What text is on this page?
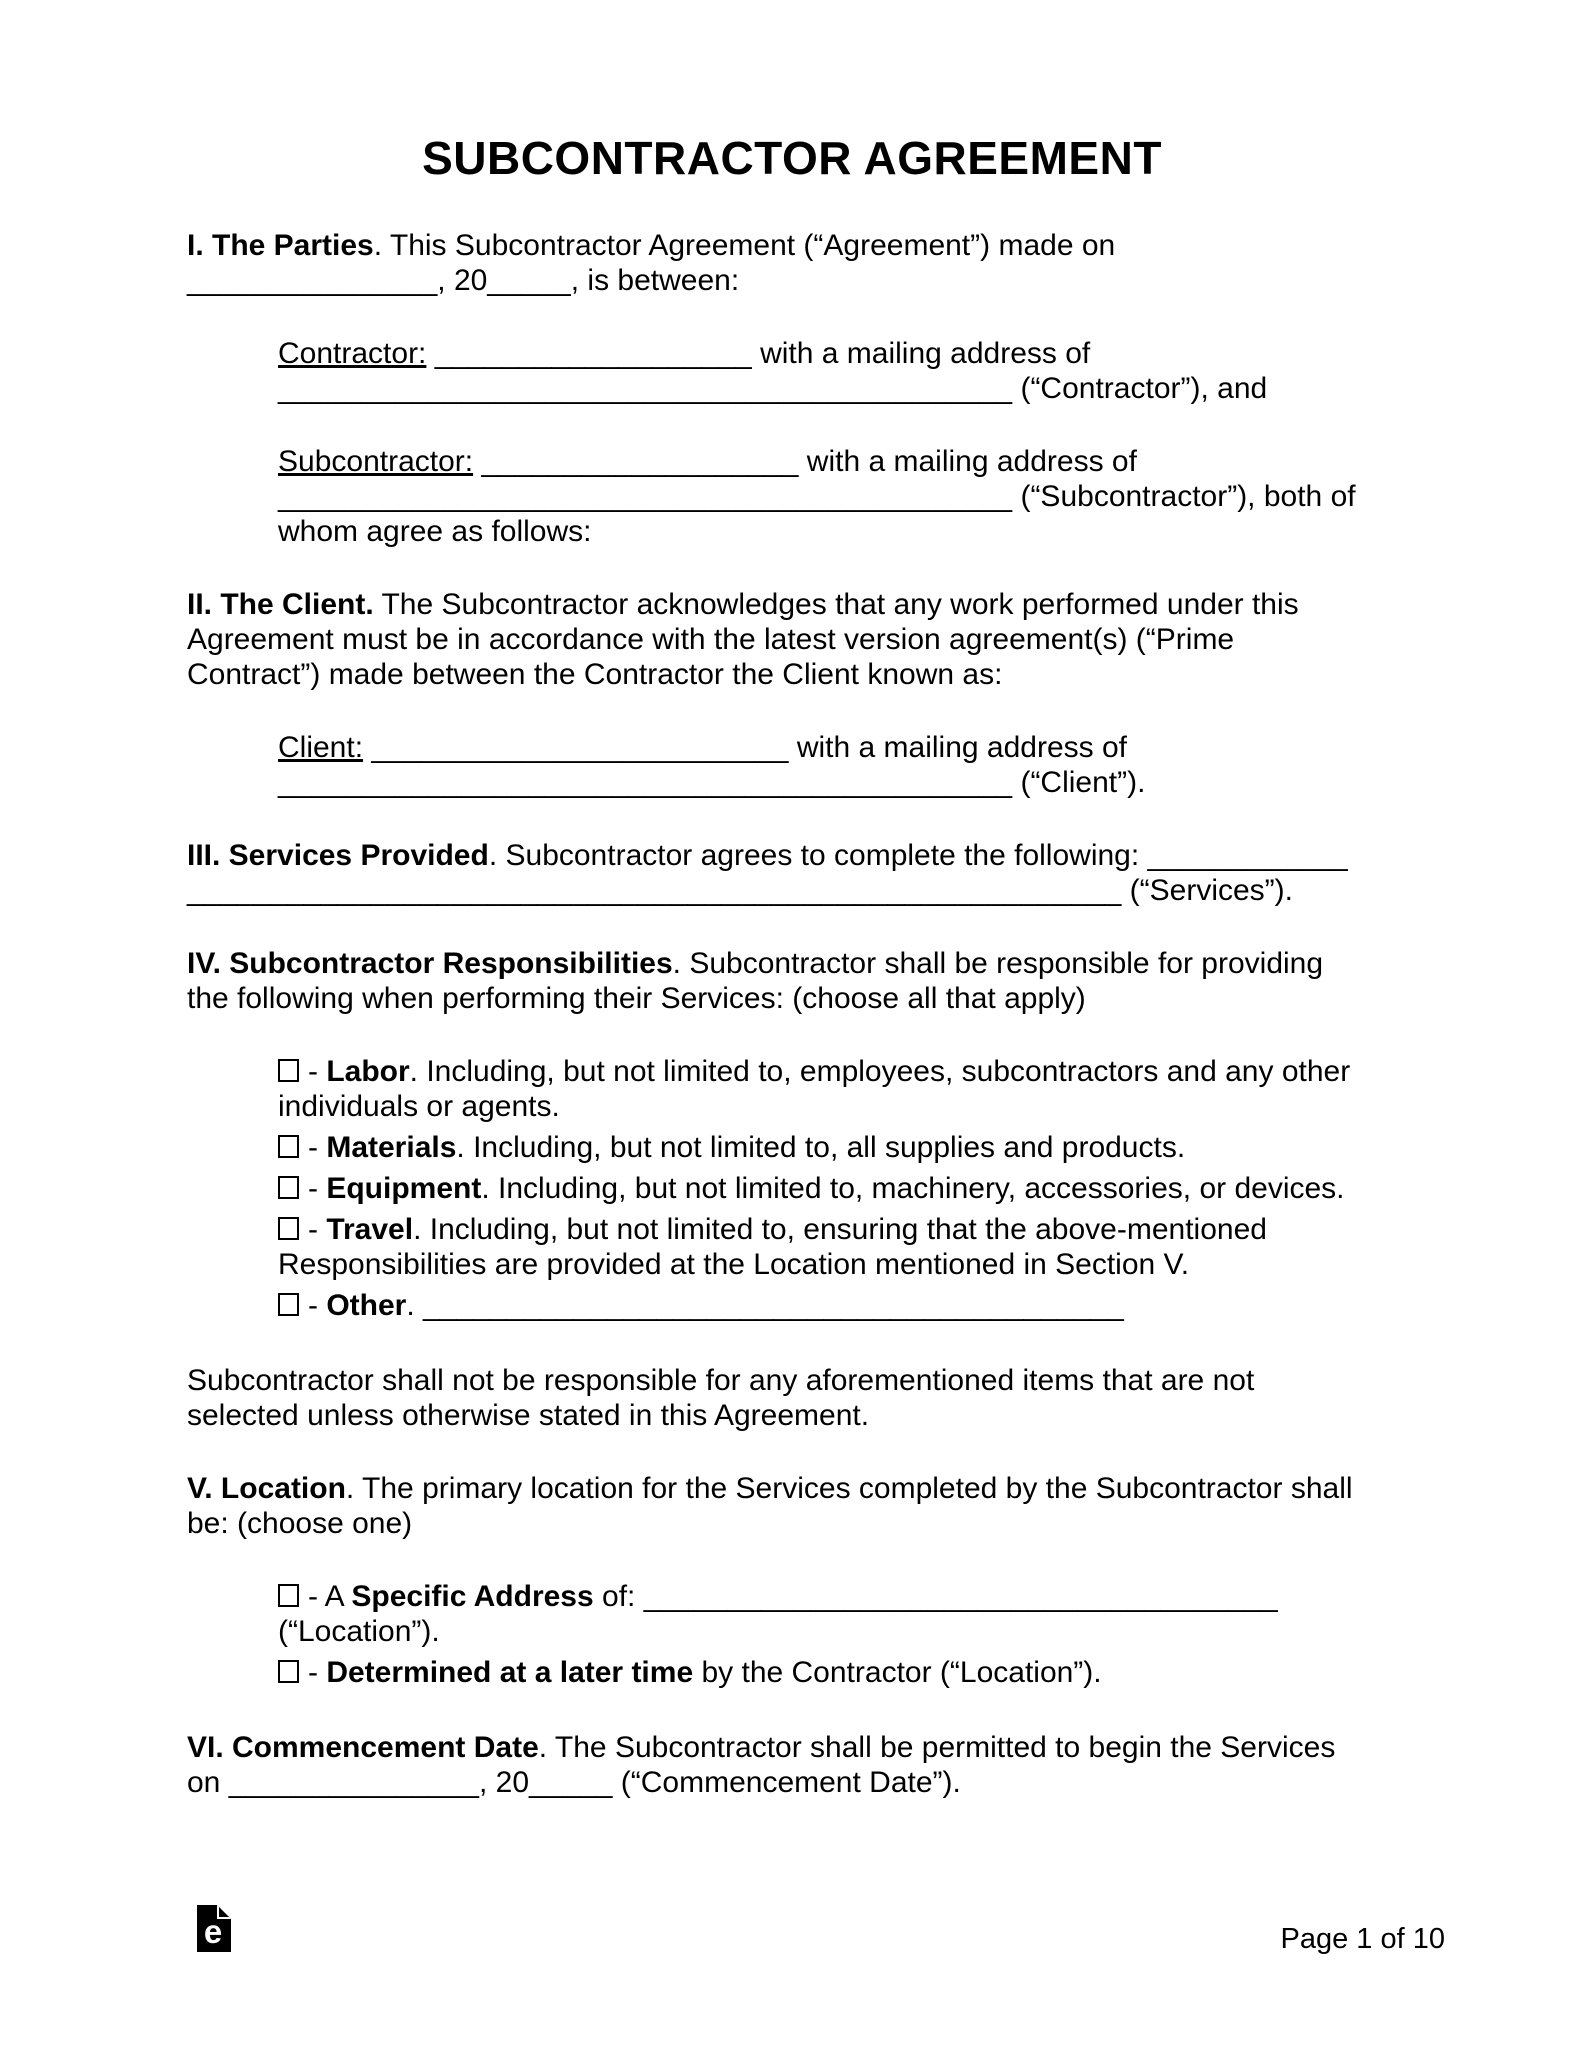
SUBCONTRACTOR AGREEMENT
I. The Parties. This Subcontractor Agreement (“Agreement”) made on
_______________, 20_____, is between:
Contractor: ___________________ with a mailing address of
____________________________________________ (“Contractor”), and
Subcontractor: ___________________ with a mailing address of
____________________________________________ (“Subcontractor”), both of
whom agree as follows:
II. The Client. The Subcontractor acknowledges that any work performed under this
Agreement must be in accordance with the latest version agreement(s) (“Prime
Contract”) made between the Contractor the Client known as:
Client: _________________________ with a mailing address of
____________________________________________ (“Client”).
III. Services Provided. Subcontractor agrees to complete the following: ____________
________________________________________________________ (“Services”).
IV. Subcontractor Responsibilities. Subcontractor shall be responsible for providing
the following when performing their Services: (choose all that apply)
- Labor. Including, but not limited to, employees, subcontractors and any other
individuals or agents.
- Materials. Including, but not limited to, all supplies and products.
- Equipment. Including, but not limited to, machinery, accessories, or devices.
- Travel. Including, but not limited to, ensuring that the above-mentioned
Responsibilities are provided at the Location mentioned in Section V.
- Other. __________________________________________
Subcontractor shall not be responsible for any aforementioned items that are not
selected unless otherwise stated in this Agreement.
V. Location. The primary location for the Services completed by the Subcontractor shall
be: (choose one)
- A Specific Address of: ______________________________________
(“Location”).
- Determined at a later time by the Contractor (“Location”).
VI. Commencement Date. The Subcontractor shall be permitted to begin the Services
on _______________, 20_____ (“Commencement Date”).
e	Page 1 of 10
